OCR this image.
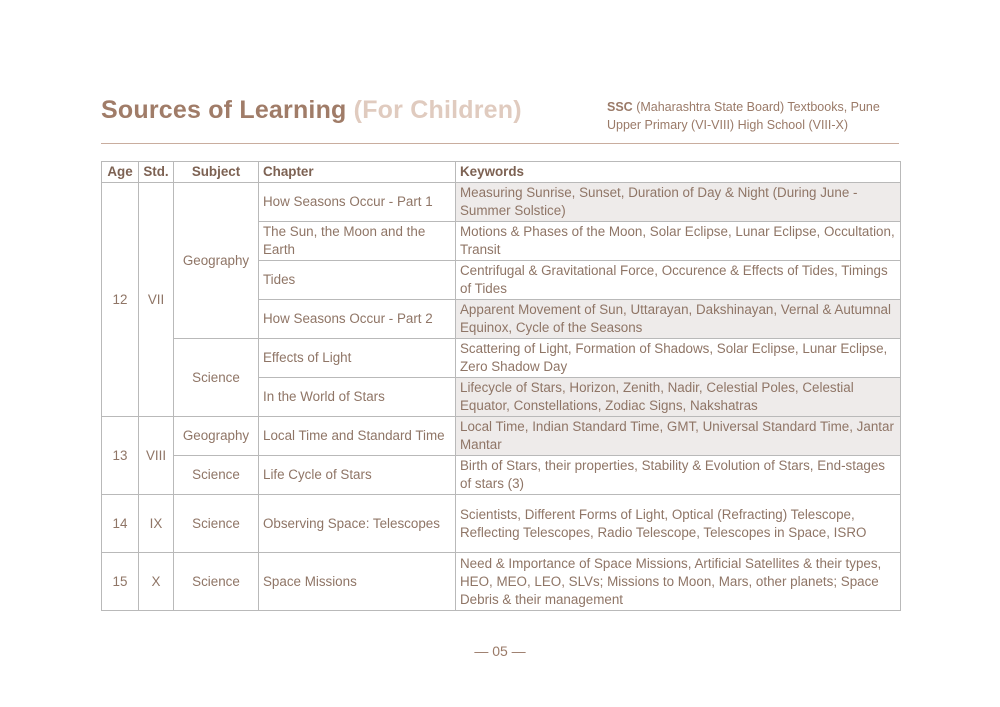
Sources of Learning (For Children)	SSC (Maharashtra State Board) Textbooks, Pune
Upper Primary (VI-VIII) High School (VIII-X)
Age	Std.	Subject	Chapter	Keywords
12	VII	Geography	How Seasons Occur - Part 1	Measuring Sunrise, Sunset, Duration of Day & Night (During June - Summer Solstice)
			The Sun, the Moon and the Earth	Motions & Phases of the Moon, Solar Eclipse, Lunar Eclipse, Occultation, Transit
			Tides	Centrifugal & Gravitational Force, Occurence & Effects of Tides, Timings of Tides
			How Seasons Occur - Part 2	Apparent Movement of Sun, Uttarayan, Dakshinayan, Vernal & Autumnal Equinox, Cycle of the Seasons
		Science	Effects of Light	Scattering of Light, Formation of Shadows, Solar Eclipse, Lunar Eclipse, Zero Shadow Day
			In the World of Stars	Lifecycle of Stars, Horizon, Zenith, Nadir, Celestial Poles, Celestial Equator, Constellations, Zodiac Signs, Nakshatras
13	VIII	Geography	Local Time and Standard Time	Local Time, Indian Standard Time, GMT, Universal Standard Time, Jantar Mantar
		Science	Life Cycle of Stars	Birth of Stars, their properties, Stability & Evolution of Stars, End-stages of stars (3)
14	IX	Science	Observing Space: Telescopes	Scientists, Different Forms of Light, Optical (Refracting) Telescope, Reflecting Telescopes, Radio Telescope, Telescopes in Space, ISRO
15	X	Science	Space Missions	Need & Importance of Space Missions, Artificial Satellites & their types, HEO, MEO, LEO, SLVs; Missions to Moon, Mars, other planets; Space Debris & their management
— 05 —
